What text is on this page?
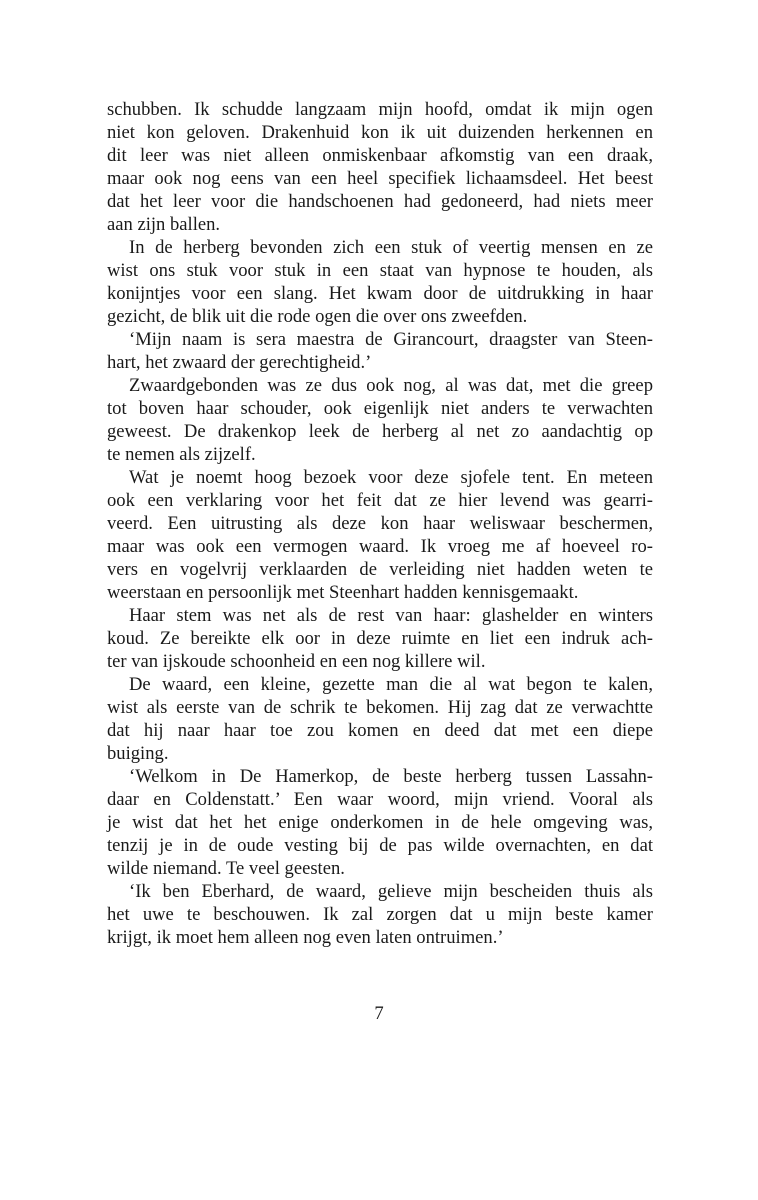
schubben. Ik schudde langzaam mijn hoofd, omdat ik mijn ogen
niet kon geloven. Drakenhuid kon ik uit duizenden herkennen en
dit leer was niet alleen onmiskenbaar afkomstig van een draak,
maar ook nog eens van een heel specifiek lichaamsdeel. Het beest
dat het leer voor die handschoenen had gedoneerd, had niets meer
aan zijn ballen.
In de herberg bevonden zich een stuk of veertig mensen en ze
wist ons stuk voor stuk in een staat van hypnose te houden, als
konijntjes voor een slang. Het kwam door de uitdrukking in haar
gezicht, de blik uit die rode ogen die over ons zweefden.
‘Mijn naam is sera maestra de Girancourt, draagster van Steen-
hart, het zwaard der gerechtigheid.’
Zwaardgebonden was ze dus ook nog, al was dat, met die greep
tot boven haar schouder, ook eigenlijk niet anders te verwachten
geweest. De drakenkop leek de herberg al net zo aandachtig op
te nemen als zijzelf.
Wat je noemt hoog bezoek voor deze sjofele tent. En meteen
ook een verklaring voor het feit dat ze hier levend was gearri-
veerd. Een uitrusting als deze kon haar weliswaar beschermen,
maar was ook een vermogen waard. Ik vroeg me af hoeveel ro-
vers en vogelvrij verklaarden de verleiding niet hadden weten te
weerstaan en persoonlijk met Steenhart hadden kennisgemaakt.
Haar stem was net als de rest van haar: glashelder en winters
koud. Ze bereikte elk oor in deze ruimte en liet een indruk ach-
ter van ijskoude schoonheid en een nog killere wil.
De waard, een kleine, gezette man die al wat begon te kalen,
wist als eerste van de schrik te bekomen. Hij zag dat ze verwachtte
dat hij naar haar toe zou komen en deed dat met een diepe
buiging.
‘Welkom in De Hamerkop, de beste herberg tussen Lassahn-
daar en Coldenstatt.’ Een waar woord, mijn vriend. Vooral als
je wist dat het het enige onderkomen in de hele omgeving was,
tenzij je in de oude vesting bij de pas wilde overnachten, en dat
wilde niemand. Te veel geesten.
‘Ik ben Eberhard, de waard, gelieve mijn bescheiden thuis als
het uwe te beschouwen. Ik zal zorgen dat u mijn beste kamer
krijgt, ik moet hem alleen nog even laten ontruimen.’
7
